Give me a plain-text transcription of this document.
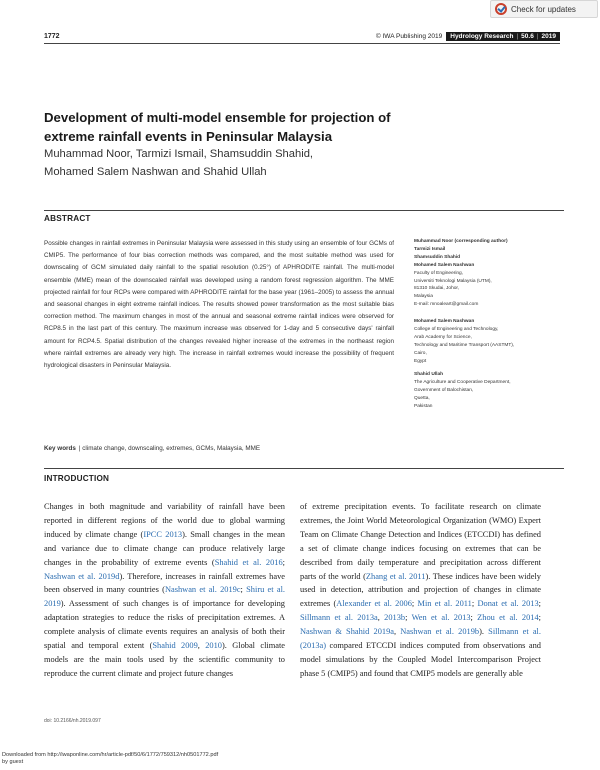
Check for updates
1772	© IWA Publishing 2019 Hydrology Research | 50.6 | 2019
Development of multi-model ensemble for projection of extreme rainfall events in Peninsular Malaysia
Muhammad Noor, Tarmizi Ismail, Shamsuddin Shahid, Mohamed Salem Nashwan and Shahid Ullah
ABSTRACT
Possible changes in rainfall extremes in Peninsular Malaysia were assessed in this study using an ensemble of four GCMs of CMIP5. The performance of four bias correction methods was compared, and the most suitable method was used for downscaling of GCM simulated daily rainfall to the spatial resolution (0.25°) of APHRODITE rainfall. The multi-model ensemble (MME) mean of the downscaled rainfall was developed using a random forest regression algorithm. The MME projected rainfall for four RCPs were compared with APHRODITE rainfall for the base year (1961–2005) to assess the annual and seasonal changes in eight extreme rainfall indices. The results showed power transformation as the most suitable bias correction method. The maximum changes in most of the annual and seasonal extreme rainfall indices were observed for RCP8.5 in the last part of this century. The maximum increase was observed for 1-day and 5 consecutive days' rainfall amount for RCP4.5. Spatial distribution of the changes revealed higher increase of the extremes in the northeast region where rainfall extremes are already very high. The increase in rainfall extremes would increase the possibility of frequent hydrological disasters in Peninsular Malaysia.
Key words | climate change, downscaling, extremes, GCMs, Malaysia, MME
Muhammad Noor (corresponding author)
Tarmizi Ismail
Shamsuddin Shahid
Mohamed Salem Nashwan
Faculty of Engineering,
Universiti Teknologi Malaysia (UTM),
81310 Skudai, Johor,
Malaysia
E-mail: mnoaleart@gmail.com
Mohamed Salem Nashwan
College of Engineering and Technology,
Arab Academy for Science,
Technology and Maritime Transport (AASTMT),
Cairo,
Egypt
Shahid Ullah
The Agriculture and Cooperative Department,
Government of Balochistan,
Quetta,
Pakistan
INTRODUCTION
Changes in both magnitude and variability of rainfall have been reported in different regions of the world due to global warming induced by climate change (IPCC 2013). Small changes in the mean and variance due to climate change can produce relatively large changes in the probability of extreme events (Shahid et al. 2016; Nashwan et al. 2019d). Therefore, increases in rainfall extremes have been observed in many countries (Nashwan et al. 2019c; Shiru et al. 2019). Assessment of such changes is of importance for developing adaptation strategies to reduce the risks of precipitation extremes. A complete analysis of climate events requires an analysis of both their spatial and temporal extent (Shahid 2009, 2010). Global climate models are the main tools used by the scientific community to reproduce the current climate and project future changes
of extreme precipitation events. To facilitate research on climate extremes, the Joint World Meteorological Organization (WMO) Expert Team on Climate Change Detection and Indices (ETCCDI) has defined a set of climate change indices focusing on extremes that can be described from daily temperature and precipitation across different parts of the world (Zhang et al. 2011). These indices have been widely used in detection, attribution and projection of changes in climate extremes (Alexander et al. 2006; Min et al. 2011; Donat et al. 2013; Sillmann et al. 2013a, 2013b; Wen et al. 2013; Zhou et al. 2014; Nashwan & Shahid 2019a, Nashwan et al. 2019b). Sillmann et al. (2013a) compared ETCCDI indices computed from observations and model simulations by the Coupled Model Intercomparison Project phase 5 (CMIP5) and found that CMIP5 models are generally able
doi: 10.2166/nh.2019.097
Downloaded from http://iwaponline.com/hr/article-pdf/50/6/1772/759312/nh0501772.pdf
by guest
